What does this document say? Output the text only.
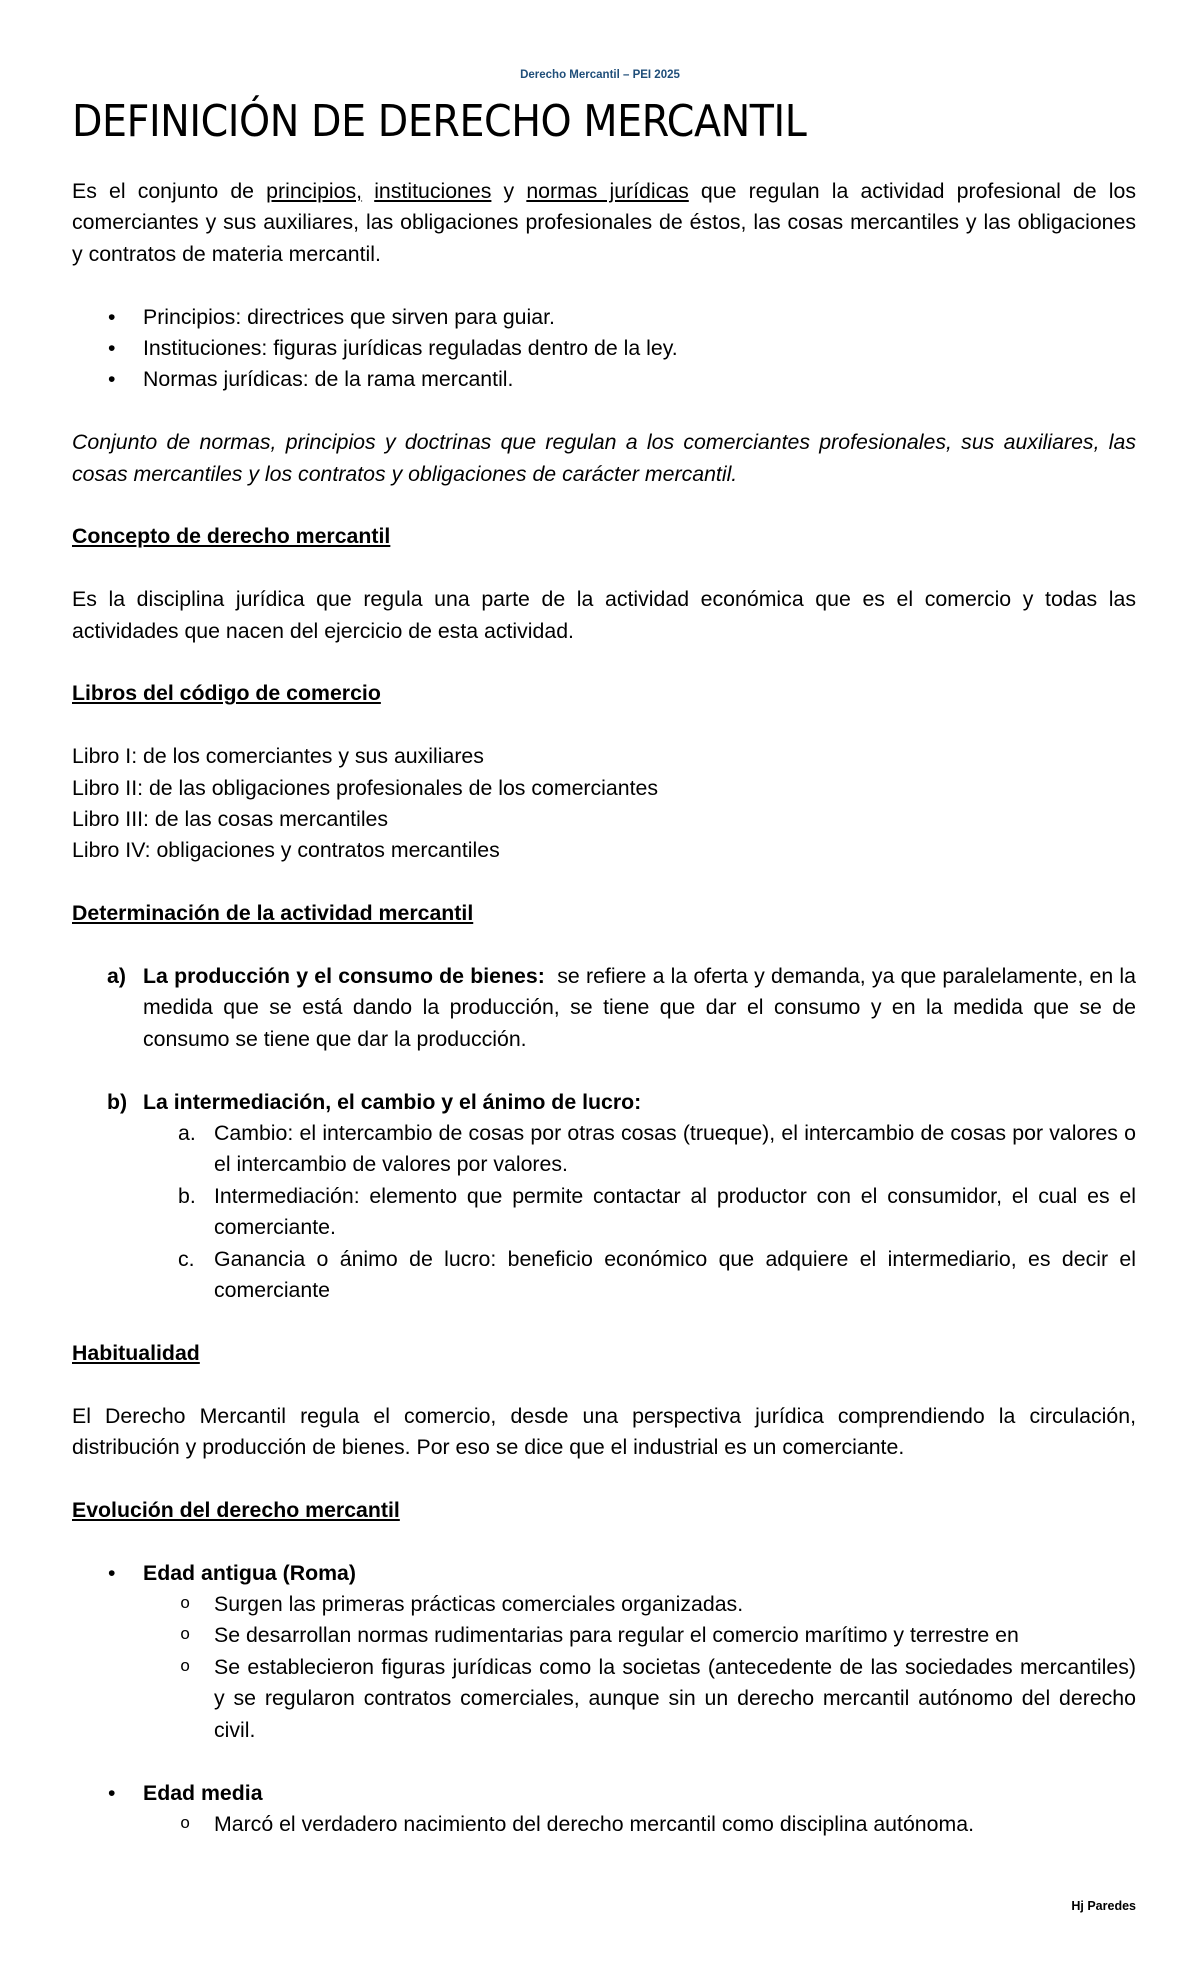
Derecho Mercantil – PEI 2025
DEFINICIÓN DE DERECHO MERCANTIL

Es el conjunto de principios, instituciones y normas jurídicas que regulan la actividad profesional de los comerciantes y sus auxiliares, las obligaciones profesionales de éstos, las cosas mercantiles y las obligaciones y contratos de materia mercantil.

• Principios: directrices que sirven para guiar.
• Instituciones: figuras jurídicas reguladas dentro de la ley.
• Normas jurídicas: de la rama mercantil.

Conjunto de normas, principios y doctrinas que regulan a los comerciantes profesionales, sus auxiliares, las cosas mercantiles y los contratos y obligaciones de carácter mercantil.

Concepto de derecho mercantil

Es la disciplina jurídica que regula una parte de la actividad económica que es el comercio y todas las actividades que nacen del ejercicio de esta actividad.

Libros del código de comercio
Libro I: de los comerciantes y sus auxiliares
Libro II: de las obligaciones profesionales de los comerciantes
Libro III: de las cosas mercantiles
Libro IV: obligaciones y contratos mercantiles
Determinación de la actividad mercantil
a) La producción y el consumo de bienes:  se refiere a la oferta y demanda, ya que paralelamente, en la medida que se está dando la producción, se tiene que dar el consumo y en la medida que se de consumo se tiene que dar la producción.
b) La intermediación, el cambio y el ánimo de lucro:
a. Cambio: el intercambio de cosas por otras cosas (trueque), el intercambio de cosas por valores o el intercambio de valores por valores.
b. Intermediación: elemento que permite contactar al productor con el consumidor, el cual es el comerciante.
c. Ganancia o ánimo de lucro: beneficio económico que adquiere el intermediario, es decir el comerciante
Habitualidad

El Derecho Mercantil regula el comercio, desde una perspectiva jurídica comprendiendo la circulación, distribución y producción de bienes. Por eso se dice que el industrial es un comerciante.

Evolución del derecho mercantil
• Edad antigua (Roma)
o Surgen las primeras prácticas comerciales organizadas.
o Se desarrollan normas rudimentarias para regular el comercio marítimo y terrestre en
o Se establecieron figuras jurídicas como la societas (antecedente de las sociedades mercantiles) y se regularon contratos comerciales, aunque sin un derecho mercantil autónomo del derecho civil.
• Edad media
o Marcó el verdadero nacimiento del derecho mercantil como disciplina autónoma.
Hj Paredes
